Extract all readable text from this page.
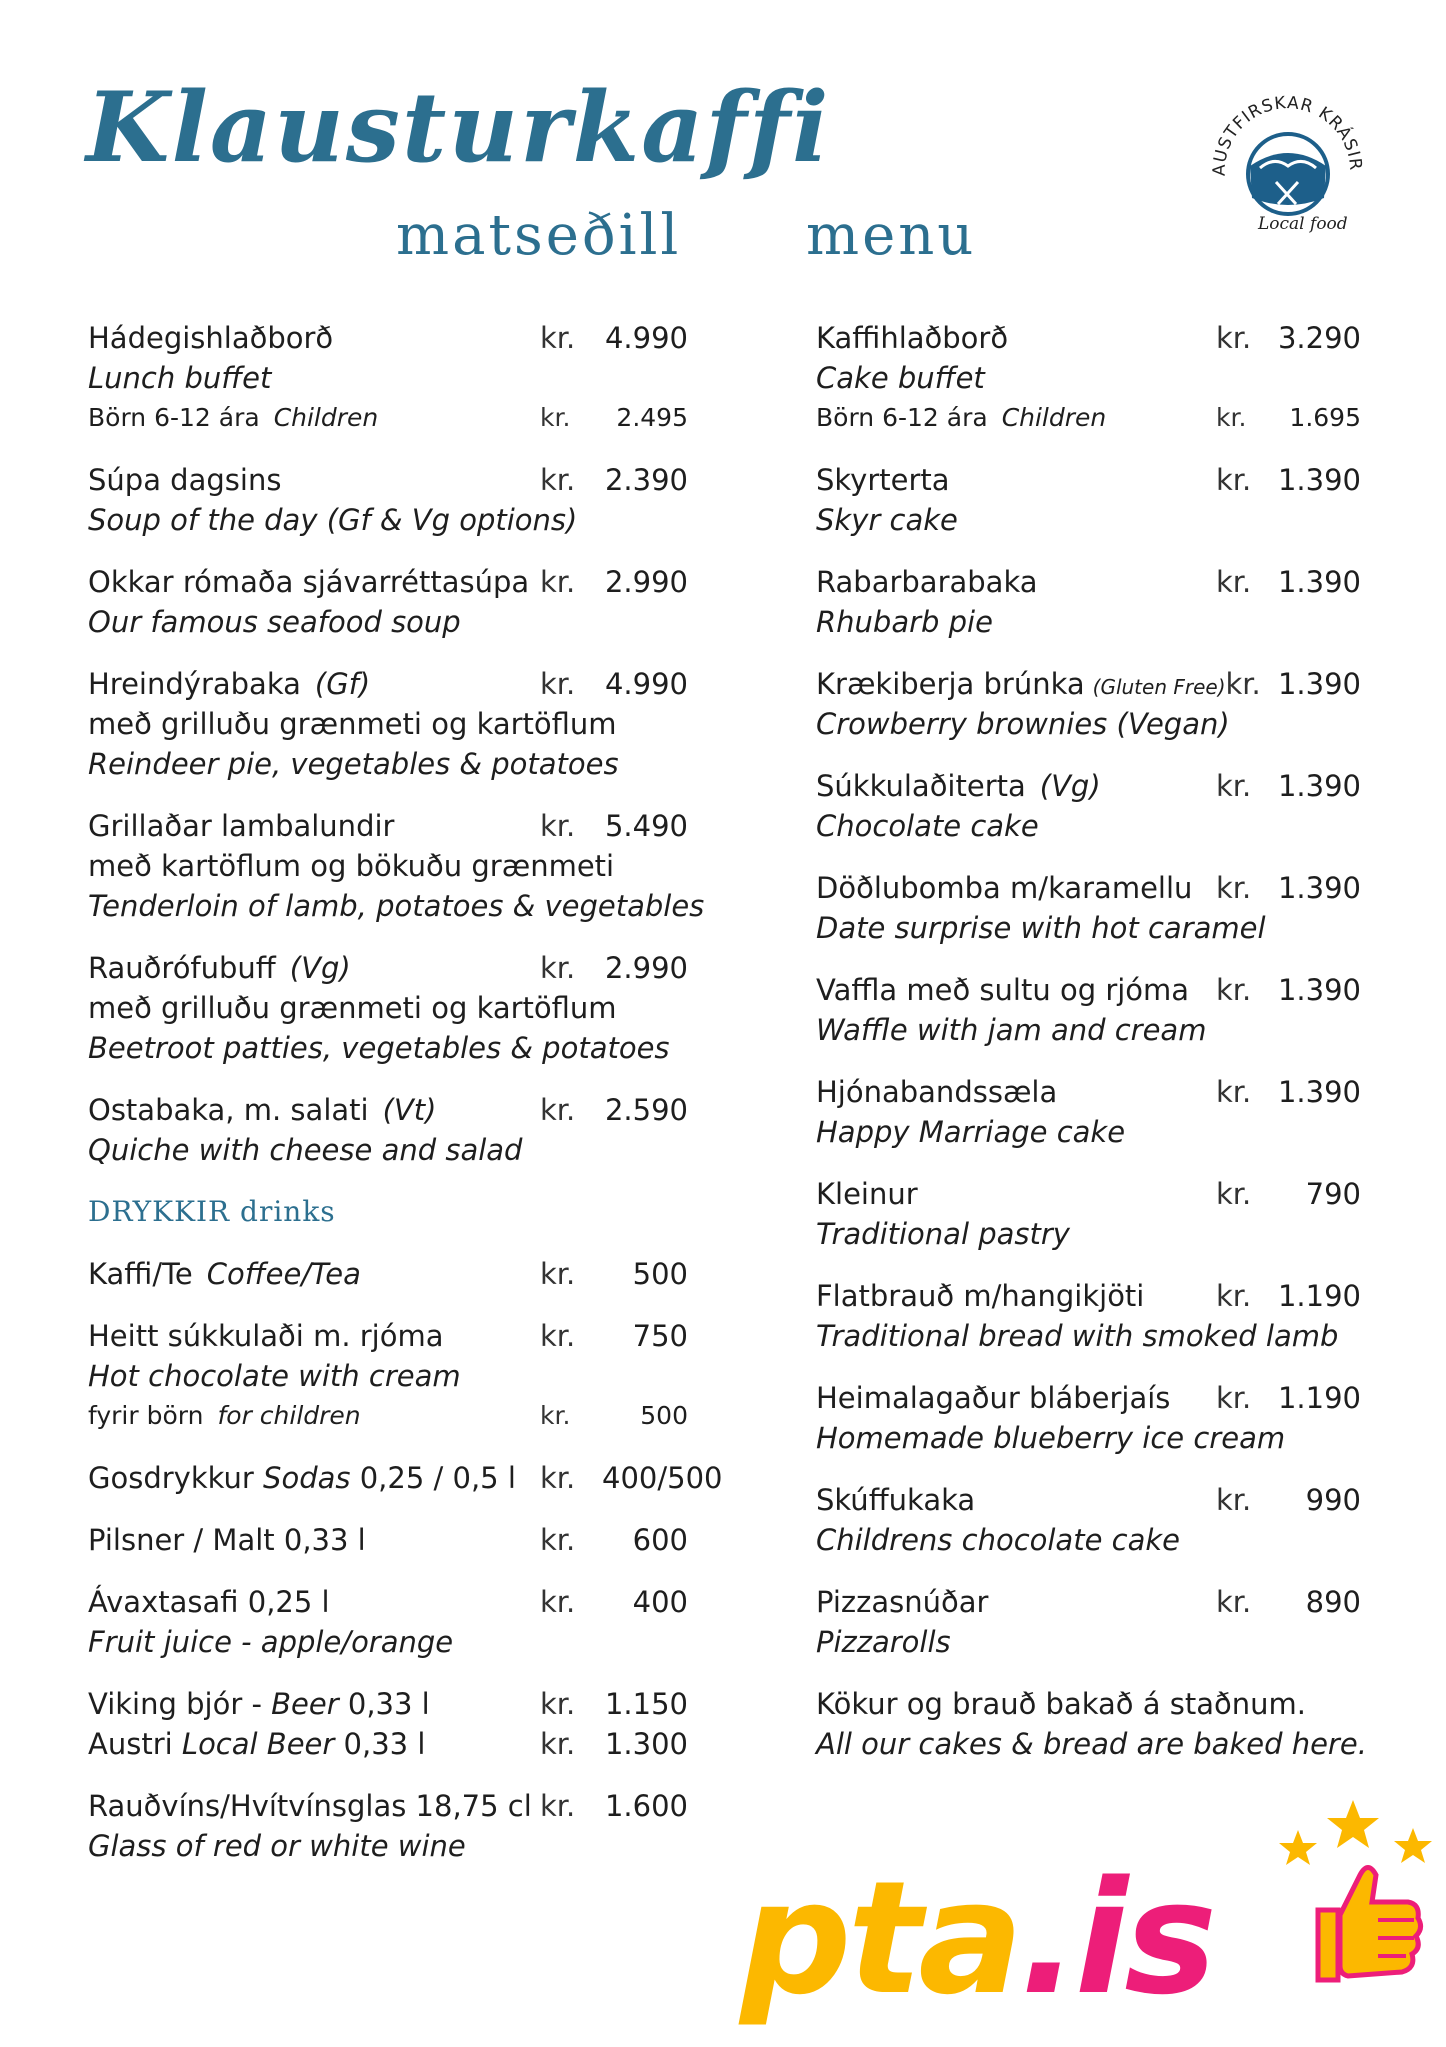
Klausturkaffi
matseðill menu
AUSTFIRSKAR KRÁSIR
Local food
Hádegishlaðborð	kr.	4.990
Lunch buffet
Börn 6-12 ára Children	kr.	2.495
Súpa dagsins	kr.	2.390
Soup of the day (Gf & Vg options)
Okkar rómaða sjávarréttasúpa kr.	2.990
Our famous seafood soup
Hreindýrabaka (Gf)	kr.	4.990
með grilluðu grænmeti og kartöflum
Reindeer pie, vegetables & potatoes
Grillaðar lambalundir	kr.	5.490
með kartöflum og bökuðu grænmeti
Tenderloin of lamb, potatoes & vegetables
Rauðrófubuff (Vg)	kr.	2.990
með grilluðu grænmeti og kartöflum
Beetroot patties, vegetables & potatoes
Ostabaka, m. salati (Vt)	kr.	2.590
Quiche with cheese and salad
DRYKKIR drinks
Kaffi/Te Coffee/Tea	kr.	500
Heitt súkkulaði m. rjóma	kr.	750
Hot chocolate with cream
fyrir börn for children	kr.	500
Gosdrykkur Sodas 0,25 / 0,5 l kr. 400/500
Pilsner / Malt 0,33 l	kr.	600
Ávaxtasafi 0,25 l	kr.	400
Fruit juice - apple/orange
Viking bjór - Beer 0,33 l	kr.	1.150
Austri Local Beer 0,33 l	kr.	1.300
Rauðvíns/Hvítvínsglas 18,75 cl kr.	1.600
Glass of red or white wine
Kaffihlaðborð	kr. 3.290
Cake buffet
Börn 6-12 ára Children	kr.	1.695
Skyrterta	kr. 1.390
Skyr cake
Rabarbarabaka	kr. 1.390
Rhubarb pie
Krækiberja brúnka (Gluten Free) kr. 1.390
Crowberry brownies (Vegan)
Súkkulaðiterta (Vg)	kr. 1.390
Chocolate cake
Döðlubomba m/karamellu kr. 1.390
Date surprise with hot caramel
Vaffla með sultu og rjóma kr. 1.390
Waffle with jam and cream
Hjónabandssæla	kr. 1.390
Happy Marriage cake
Kleinur	kr.	790
Traditional pastry
Flatbrauð m/hangikjöti	kr. 1.190
Traditional bread with smoked lamb
Heimalagaður bláberjaís	kr. 1.190
Homemade blueberry ice cream
Skúffukaka	kr.	990
Childrens chocolate cake
Pizzasnúðar	kr.	890
Pizzarolls
Kökur og brauð bakað á staðnum.
All our cakes & bread are baked here.
pta.is
